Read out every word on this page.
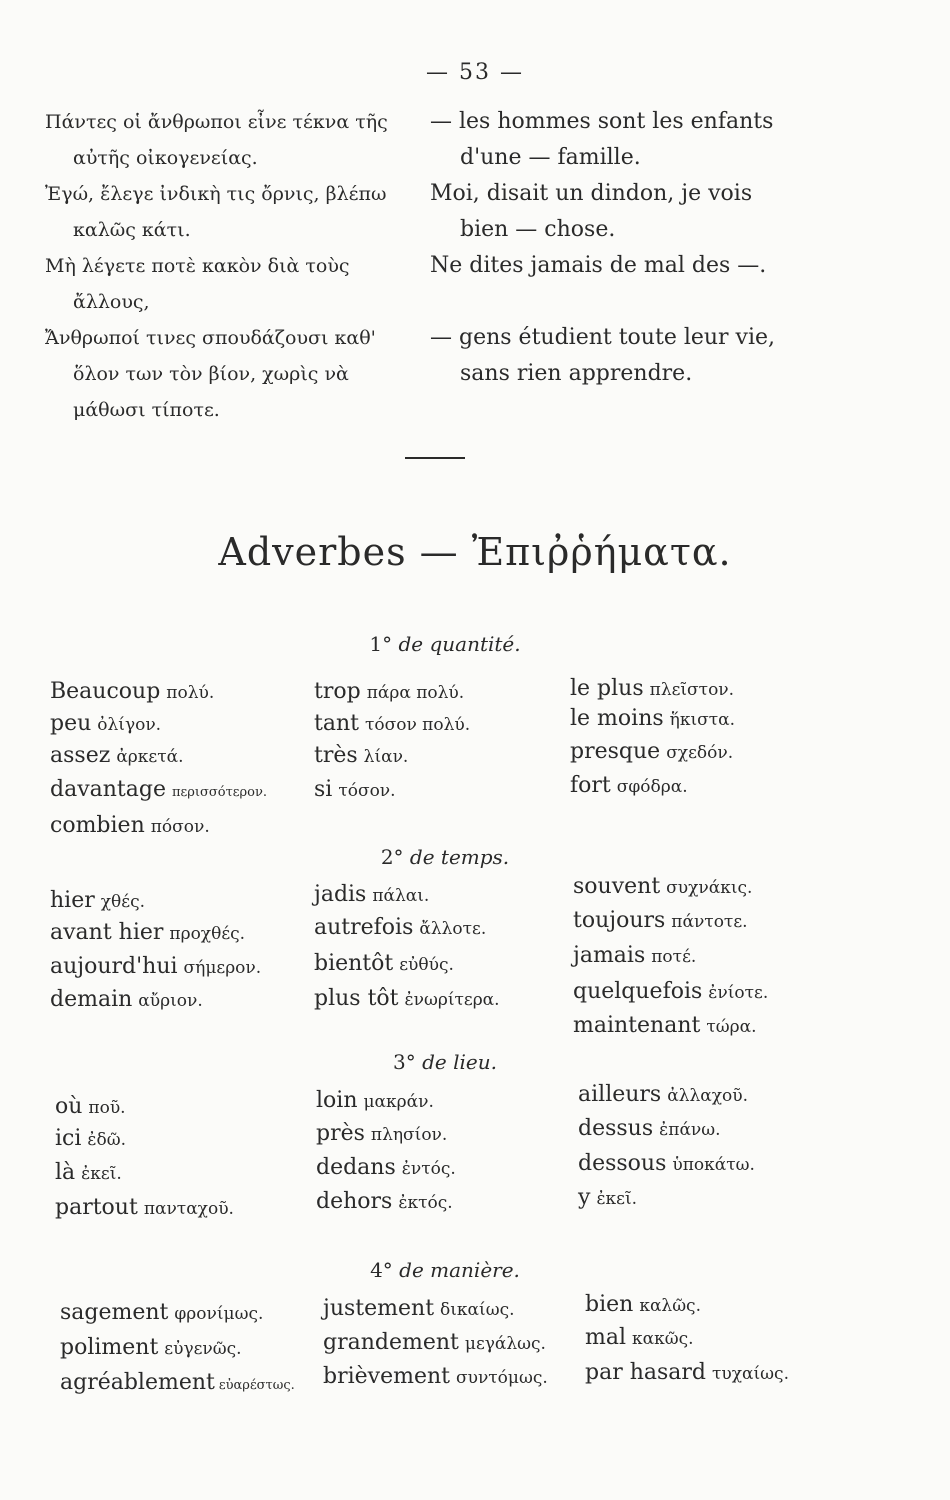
— 53 —
Πάντες οἱ ἄνθρωποι εἶνε τέκνα τῆς
αὐτῆς οἰκογενείας.
— les hommes sont les enfants
d'une — famille.
Ἐγώ, ἔλεγε ἰνδικὴ τις ὄρνις, βλέπω
καλῶς κάτι.
Moi, disait un dindon, je vois
bien — chose.
Μὴ λέγετε ποτὲ κακὸν διὰ τοὺς
ἄλλους,
Ne dites jamais de mal des —.
Ἄνθρωποί τινες σπουδάζουσι καθ'
ὅλον των τὸν βίον, χωρὶς νὰ
μάθωσι τίποτε.
— gens étudient toute leur vie,
sans rien apprendre.
Adverbes — Ἐπιῤῥήματα.
1° de quantité.
Beaucoup πολύ.
peu ὀλίγον.
assez ἀρκετά.
davantage περισσότερον.
combien πόσον.
trop πάρα πολύ.
tant τόσον πολύ.
très λίαν.
si τόσον.
le plus πλεῖστον.
le moins ἥκιστα.
presque σχεδόν.
fort σφόδρα.
2° de temps.
hier χθές.
avant hier προχθές.
aujourd'hui σήμερον.
demain αὔριον.
jadis πάλαι.
autrefois ἄλλοτε.
bientôt εὐθύς.
plus tôt ἐνωρίτερα.
souvent συχνάκις.
toujours πάντοτε.
jamais ποτέ.
quelquefois ἐνίοτε.
maintenant τώρα.
3° de lieu.
où ποῦ.
ici ἐδῶ.
là ἐκεῖ.
partout πανταχοῦ.
loin μακράν.
près πλησίον.
dedans ἐντός.
dehors ἐκτός.
ailleurs ἀλλαχοῦ.
dessus ἐπάνω.
dessous ὑποκάτω.
y ἐκεῖ.
4° de manière.
sagement φρονίμως.
poliment εὐγενῶς.
agréablement εὐαρέστως.
justement δικαίως.
grandement μεγάλως.
brièvement συντόμως.
bien καλῶς.
mal κακῶς.
par hasard τυχαίως.
